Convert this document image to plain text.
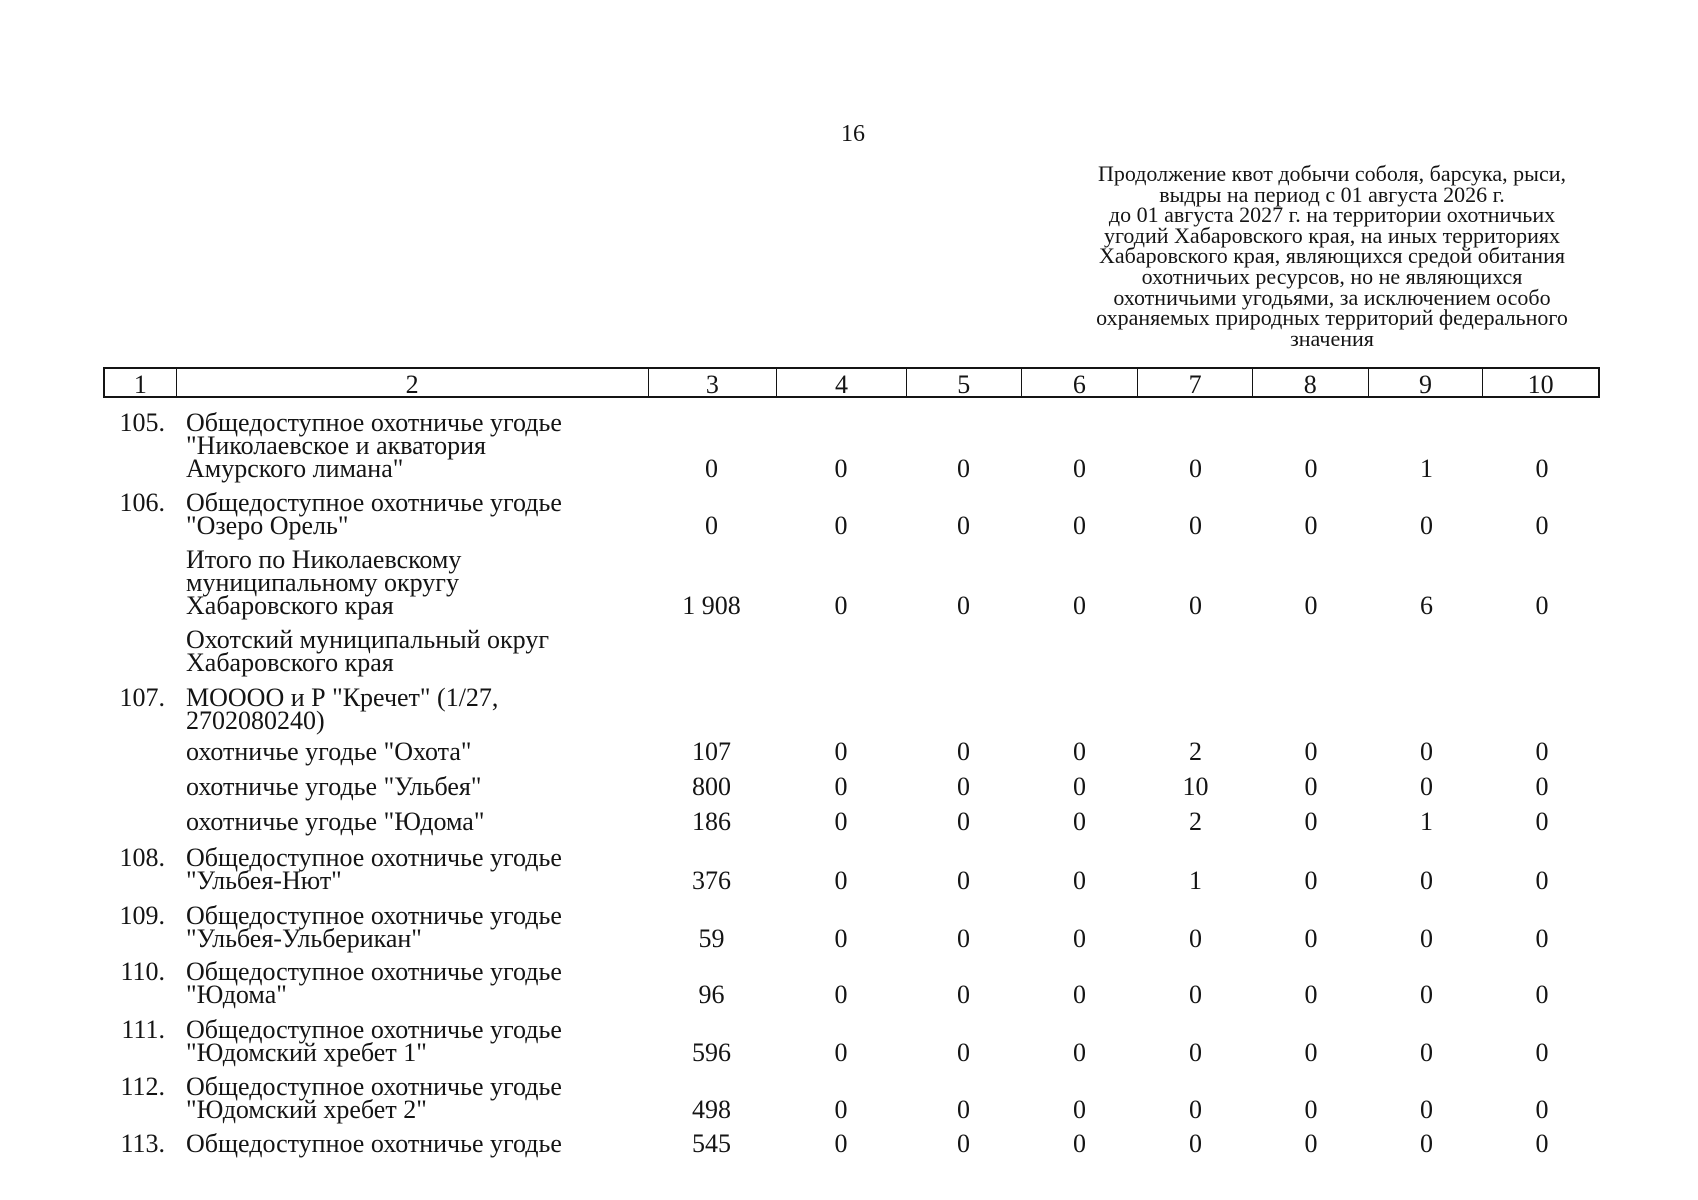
16
Продолжение квот добычи соболя, барсука, рыси,
выдры на период с 01 августа 2026 г.
до 01 августа 2027 г. на территории охотничьих
угодий Хабаровского края, на иных территориях
Хабаровского края, являющихся средой обитания
охотничьих ресурсов, но не являющихся
охотничьими угодьями, за исключением особо
охраняемых природных территорий федерального
значения
1	2	3	4	5	6	7	8	9	10
105. Общедоступное охотничье угодье
"Николаевское и акватория
Амурского лимана"	0	0	0	0	0	0	1	0
106. Общедоступное охотничье угодье
"Озеро Орель"	0	0	0	0	0	0	0	0
Итого по Николаевскому
муниципальному округу
Хабаровского края	1 908	0	0	0	0	0	6	0
Охотский муниципальный округ
Хабаровского края
107. МОООО и Р "Кречет" (1/27,
2702080240)
охотничье угодье "Охота"	107	0	0	0	2	0	0	0
охотничье угодье "Ульбея"	800	0	0	0	10	0	0	0
охотничье угодье "Юдома"	186	0	0	0	2	0	1	0
108. Общедоступное охотничье угодье
"Ульбея-Нют"	376	0	0	0	1	0	0	0
109. Общедоступное охотничье угодье
"Ульбея-Ульберикан"	59	0	0	0	0	0	0	0
110. Общедоступное охотничье угодье
"Юдома"	96	0	0	0	0	0	0	0
111. Общедоступное охотничье угодье
"Юдомский хребет 1"	596	0	0	0	0	0	0	0
112. Общедоступное охотничье угодье
"Юдомский хребет 2"	498	0	0	0	0	0	0	0
113. Общедоступное охотничье угодье	545	0	0	0	0	0	0	0
